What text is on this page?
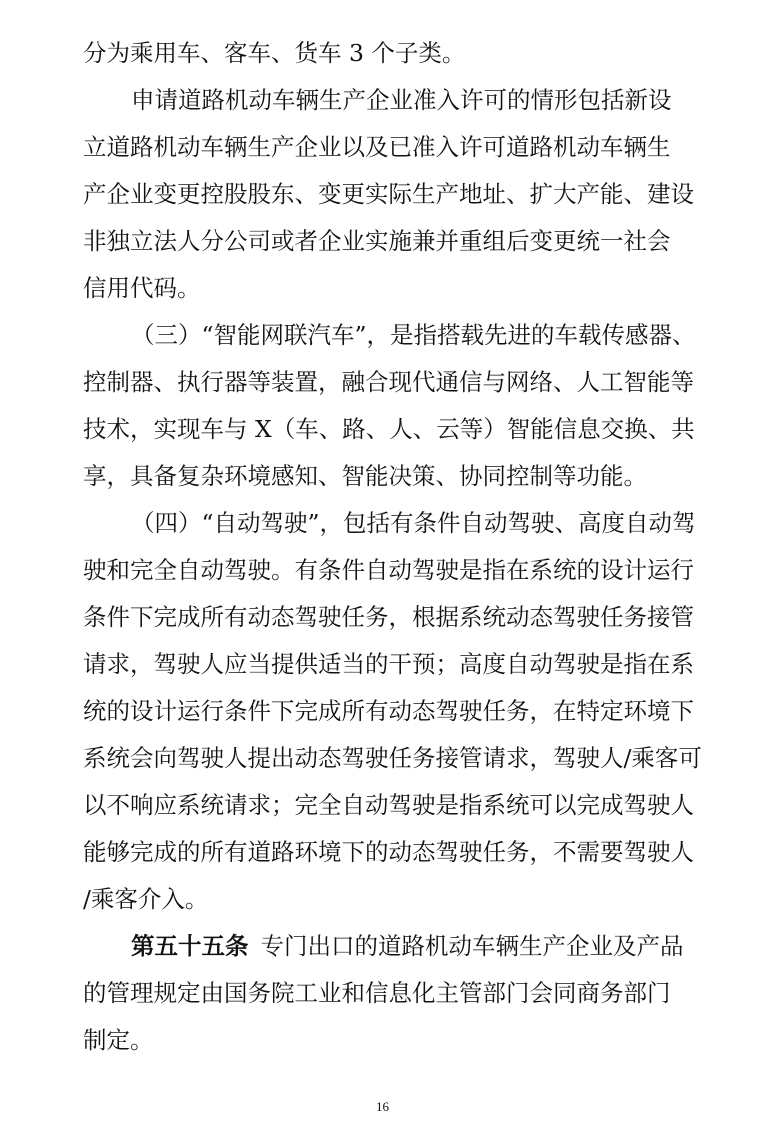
分为乘用车、客车、货车 3 个子类。

申请道路机动车辆生产企业准入许可的情形包括新设

立道路机动车辆生产企业以及已准入许可道路机动车辆生

产企业变更控股股东、变更实际生产地址、扩大产能、建设

非独立法人分公司或者企业实施兼并重组后变更统一社会

信用代码。

（三）“智能网联汽车”，是指搭载先进的车载传感器、

控制器、执行器等装置，融合现代通信与网络、人工智能等

技术，实现车与 X（车、路、人、云等）智能信息交换、共

享，具备复杂环境感知、智能决策、协同控制等功能。

（四）“自动驾驶”，包括有条件自动驾驶、高度自动驾

驶和完全自动驾驶。有条件自动驾驶是指在系统的设计运行

条件下完成所有动态驾驶任务，根据系统动态驾驶任务接管

请求，驾驶人应当提供适当的干预；高度自动驾驶是指在系

统的设计运行条件下完成所有动态驾驶任务，在特定环境下

系统会向驾驶人提出动态驾驶任务接管请求，驾驶人/乘客可

以不响应系统请求；完全自动驾驶是指系统可以完成驾驶人

能够完成的所有道路环境下的动态驾驶任务，不需要驾驶人

/乘客介入。

第五十五条 专门出口的道路机动车辆生产企业及产品

的管理规定由国务院工业和信息化主管部门会同商务部门

制定。

16
